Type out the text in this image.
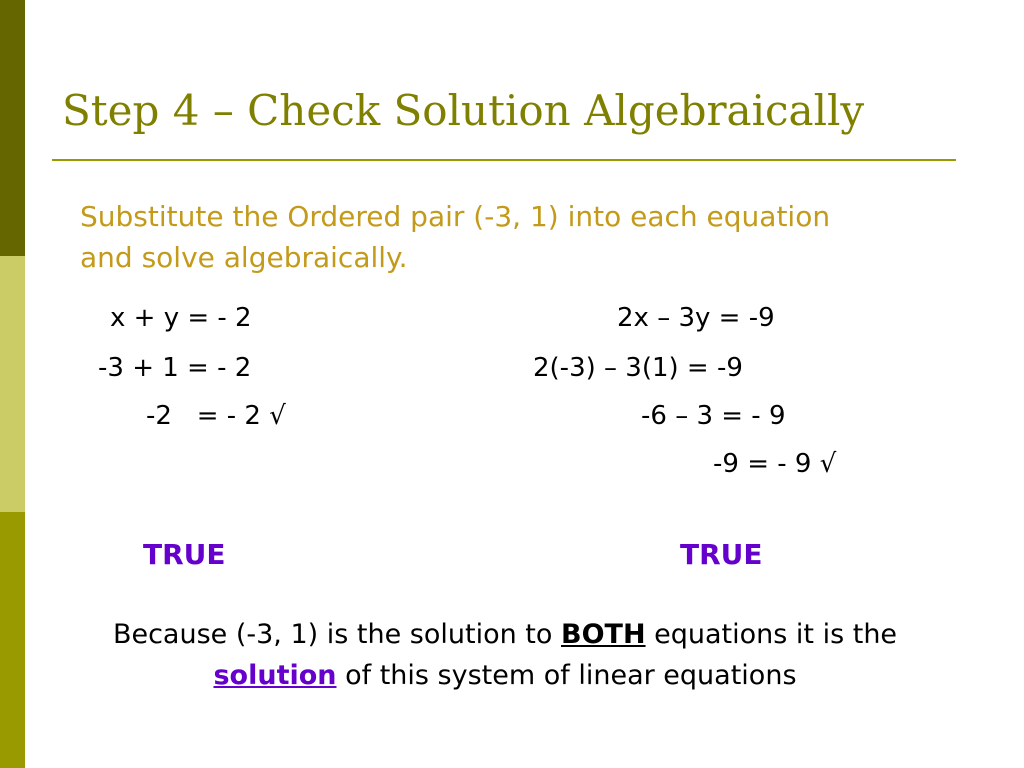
Step 4 – Check Solution Algebraically
Substitute the Ordered pair (-3, 1) into each equation and solve algebraically.
x + y = - 2
-3 + 1 = - 2
-2   = - 2 √
2x – 3y = -9
2(-3) – 3(1) = -9
-6 – 3 = - 9
-9 = - 9 √
TRUE	TRUE
Because (-3, 1) is the solution to BOTH equations it is the solution of this system of linear equations
